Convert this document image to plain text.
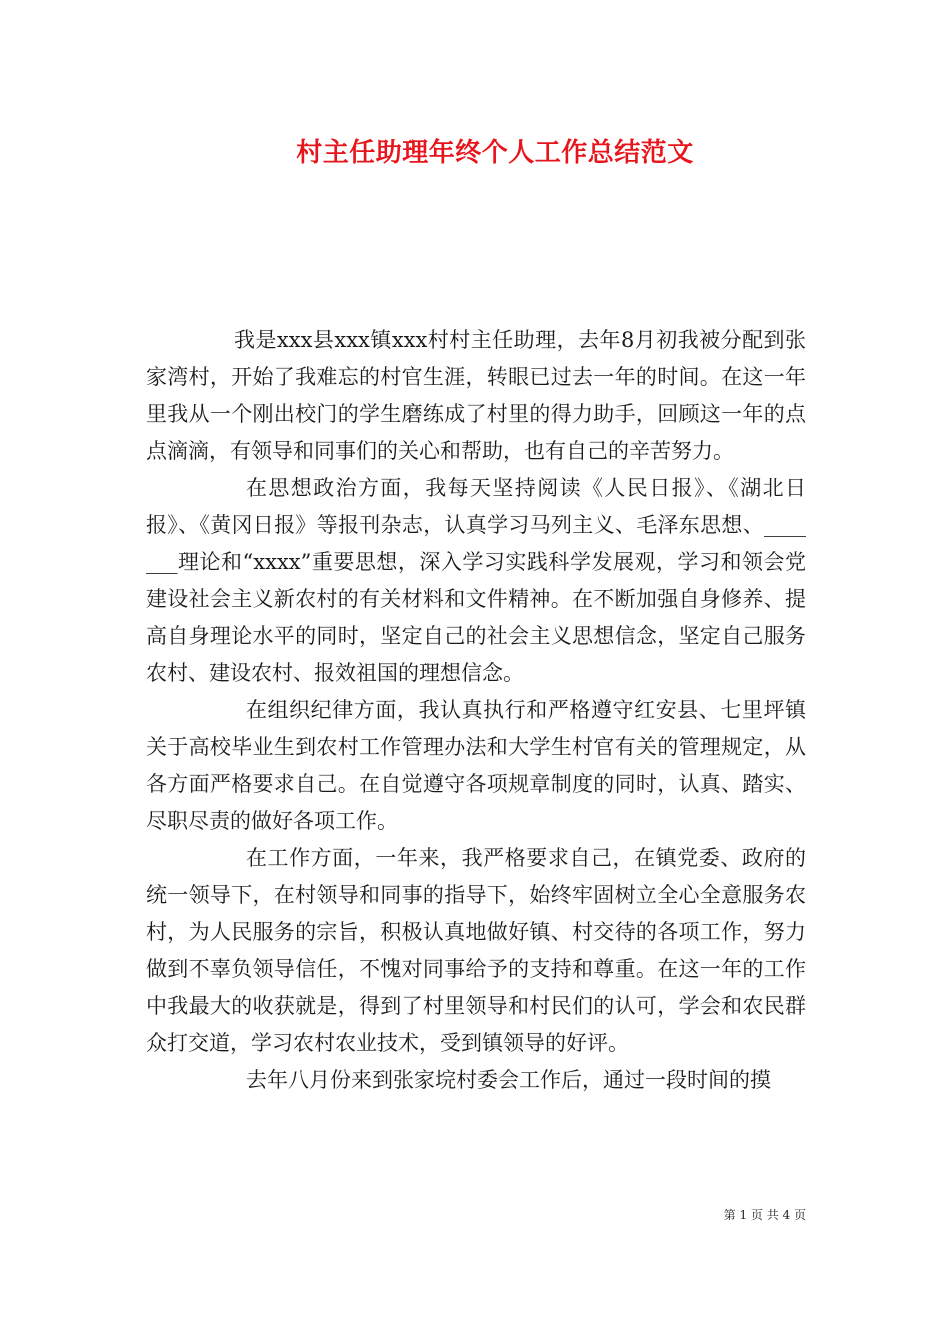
村主任助理年终个人工作总结范文

我是xxx县xxx镇xxx村村主任助理，去年8月初我被分配到张家湾村，开始了我难忘的村官生涯，转眼已过去一年的时间。在这一年里我从一个刚出校门的学生磨练成了村里的得力助手，回顾这一年的点点滴滴，有领导和同事们的关心和帮助，也有自己的辛苦努力。

在思想政治方面，我每天坚持阅读《人民日报》、《湖北日报》、《黄冈日报》等报刊杂志，认真学习马列主义、毛泽东思想、_______理论和“xxxx”重要思想，深入学习实践科学发展观，学习和领会党建设社会主义新农村的有关材料和文件精神。在不断加强自身修养、提高自身理论水平的同时，坚定自己的社会主义思想信念，坚定自己服务农村、建设农村、报效祖国的理想信念。

在组织纪律方面，我认真执行和严格遵守红安县、七里坪镇关于高校毕业生到农村工作管理办法和大学生村官有关的管理规定，从各方面严格要求自己。在自觉遵守各项规章制度的同时，认真、踏实、尽职尽责的做好各项工作。

在工作方面，一年来，我严格要求自己，在镇党委、政府的统一领导下，在村领导和同事的指导下，始终牢固树立全心全意服务农村，为人民服务的宗旨，积极认真地做好镇、村交待的各项工作，努力做到不辜负领导信任，不愧对同事给予的支持和尊重。在这一年的工作中我最大的收获就是，得到了村里领导和村民们的认可，学会和农民群众打交道，学习农村农业技术，受到镇领导的好评。

去年八月份来到张家垸村委会工作后，通过一段时间的摸

第 1 页 共 4 页
